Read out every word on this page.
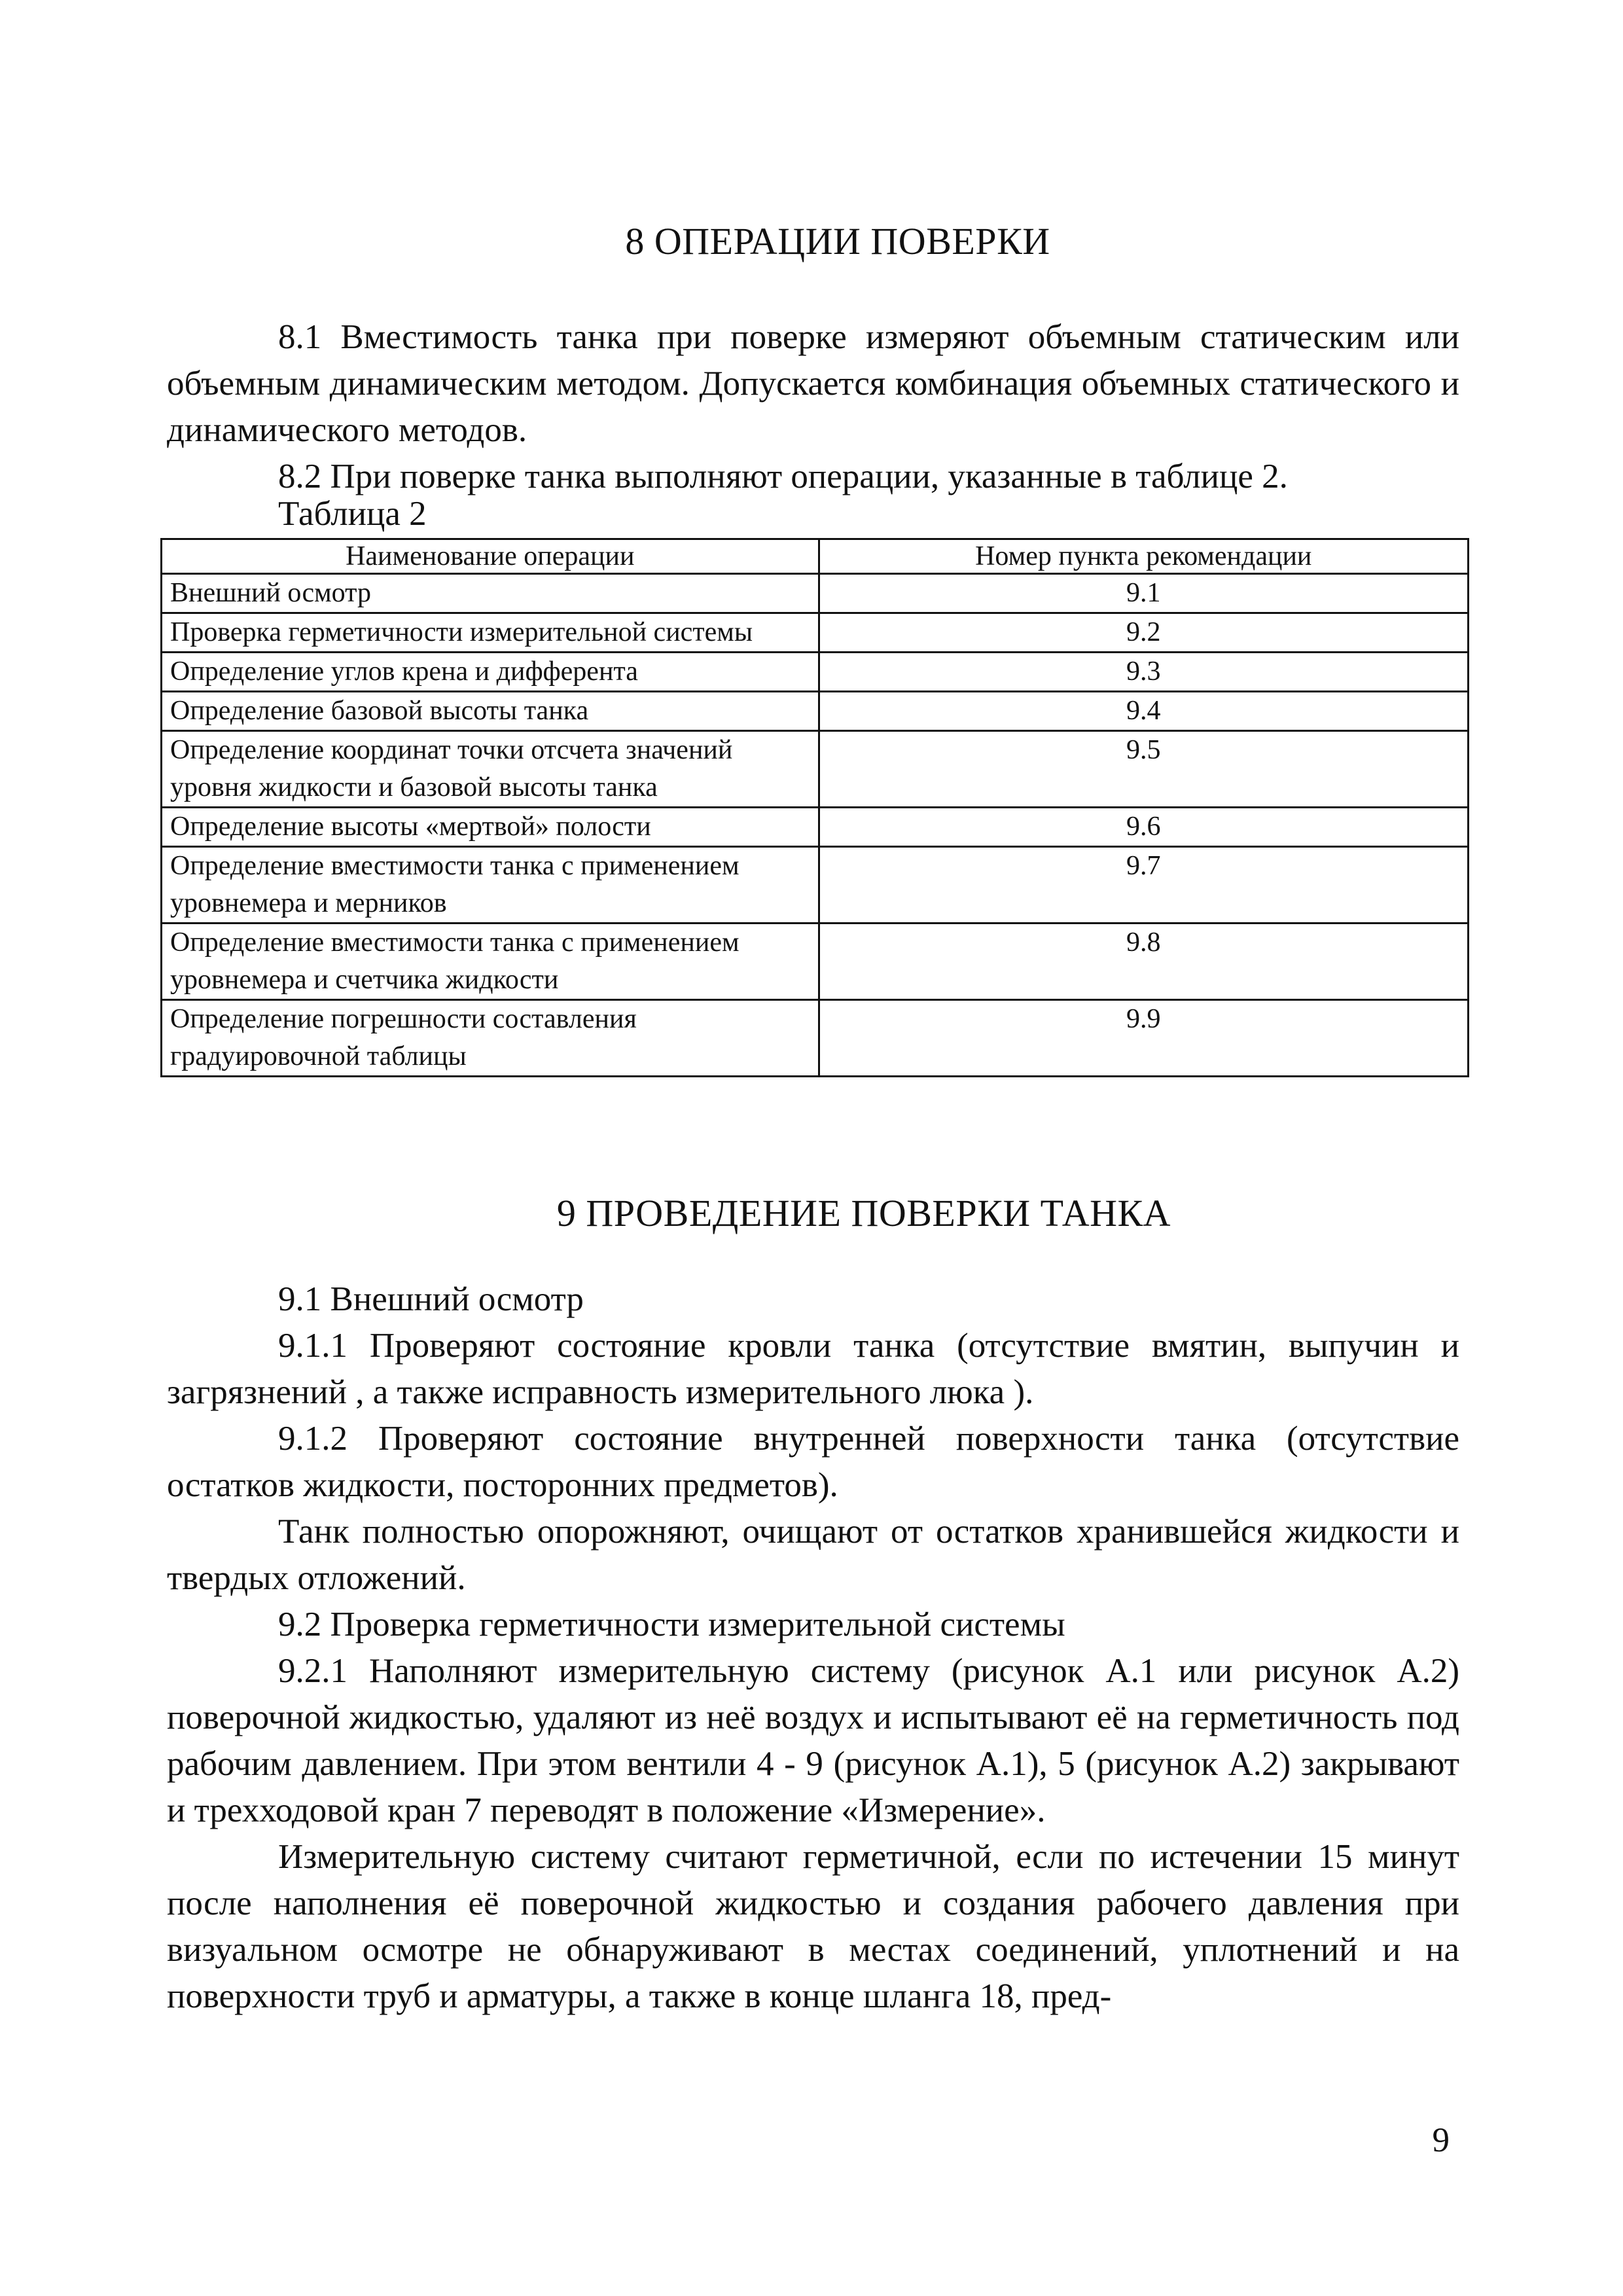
8 ОПЕРАЦИИ ПОВЕРКИ

8.1 Вместимость танка при поверке измеряют объемным статическим или объемным динамическим методом. Допускается комбинация объемных статического и динамического методов.

8.2 При поверке танка выполняют операции, указанные в таблице 2.

Таблица 2

Наименование операции	Номер пункта рекомендации
Внешний осмотр	9.1
Проверка герметичности измерительной системы	9.2
Определение углов крена и дифферента	9.3
Определение базовой высоты танка	9.4
Определение координат точки отсчета значений уровня жидкости и базовой высоты танка	9.5
Определение высоты «мертвой» полости	9.6
Определение вместимости танка с применением уровнемера и мерников	9.7
Определение вместимости танка с применением уровнемера и счетчика жидкости	9.8
Определение погрешности составления градуировочной таблицы	9.9
9 ПРОВЕДЕНИЕ ПОВЕРКИ ТАНКА

9.1 Внешний осмотр

9.1.1 Проверяют состояние кровли танка (отсутствие вмятин, выпучин и загрязнений , а также исправность измерительного люка ).

9.1.2 Проверяют состояние внутренней поверхности танка (отсутствие остатков жидкости, посторонних предметов).

Танк полностью опорожняют, очищают от остатков хранившейся жидкости и твердых отложений.

9.2 Проверка герметичности измерительной системы

9.2.1 Наполняют измерительную систему (рисунок А.1 или рисунок А.2) поверочной жидкостью, удаляют из неё воздух и испытывают её на герметичность под рабочим давлением. При этом вентили 4 - 9 (рисунок А.1), 5 (рисунок А.2) закрывают и трехходовой кран 7 переводят в положение «Измерение».

Измерительную систему считают герметичной, если по истечении 15 минут после наполнения её поверочной жидкостью и создания рабочего давления при визуальном осмотре не обнаруживают в местах соединений, уплотнений и на поверхности труб и арматуры, а также в конце шланга 18, пред-

9
